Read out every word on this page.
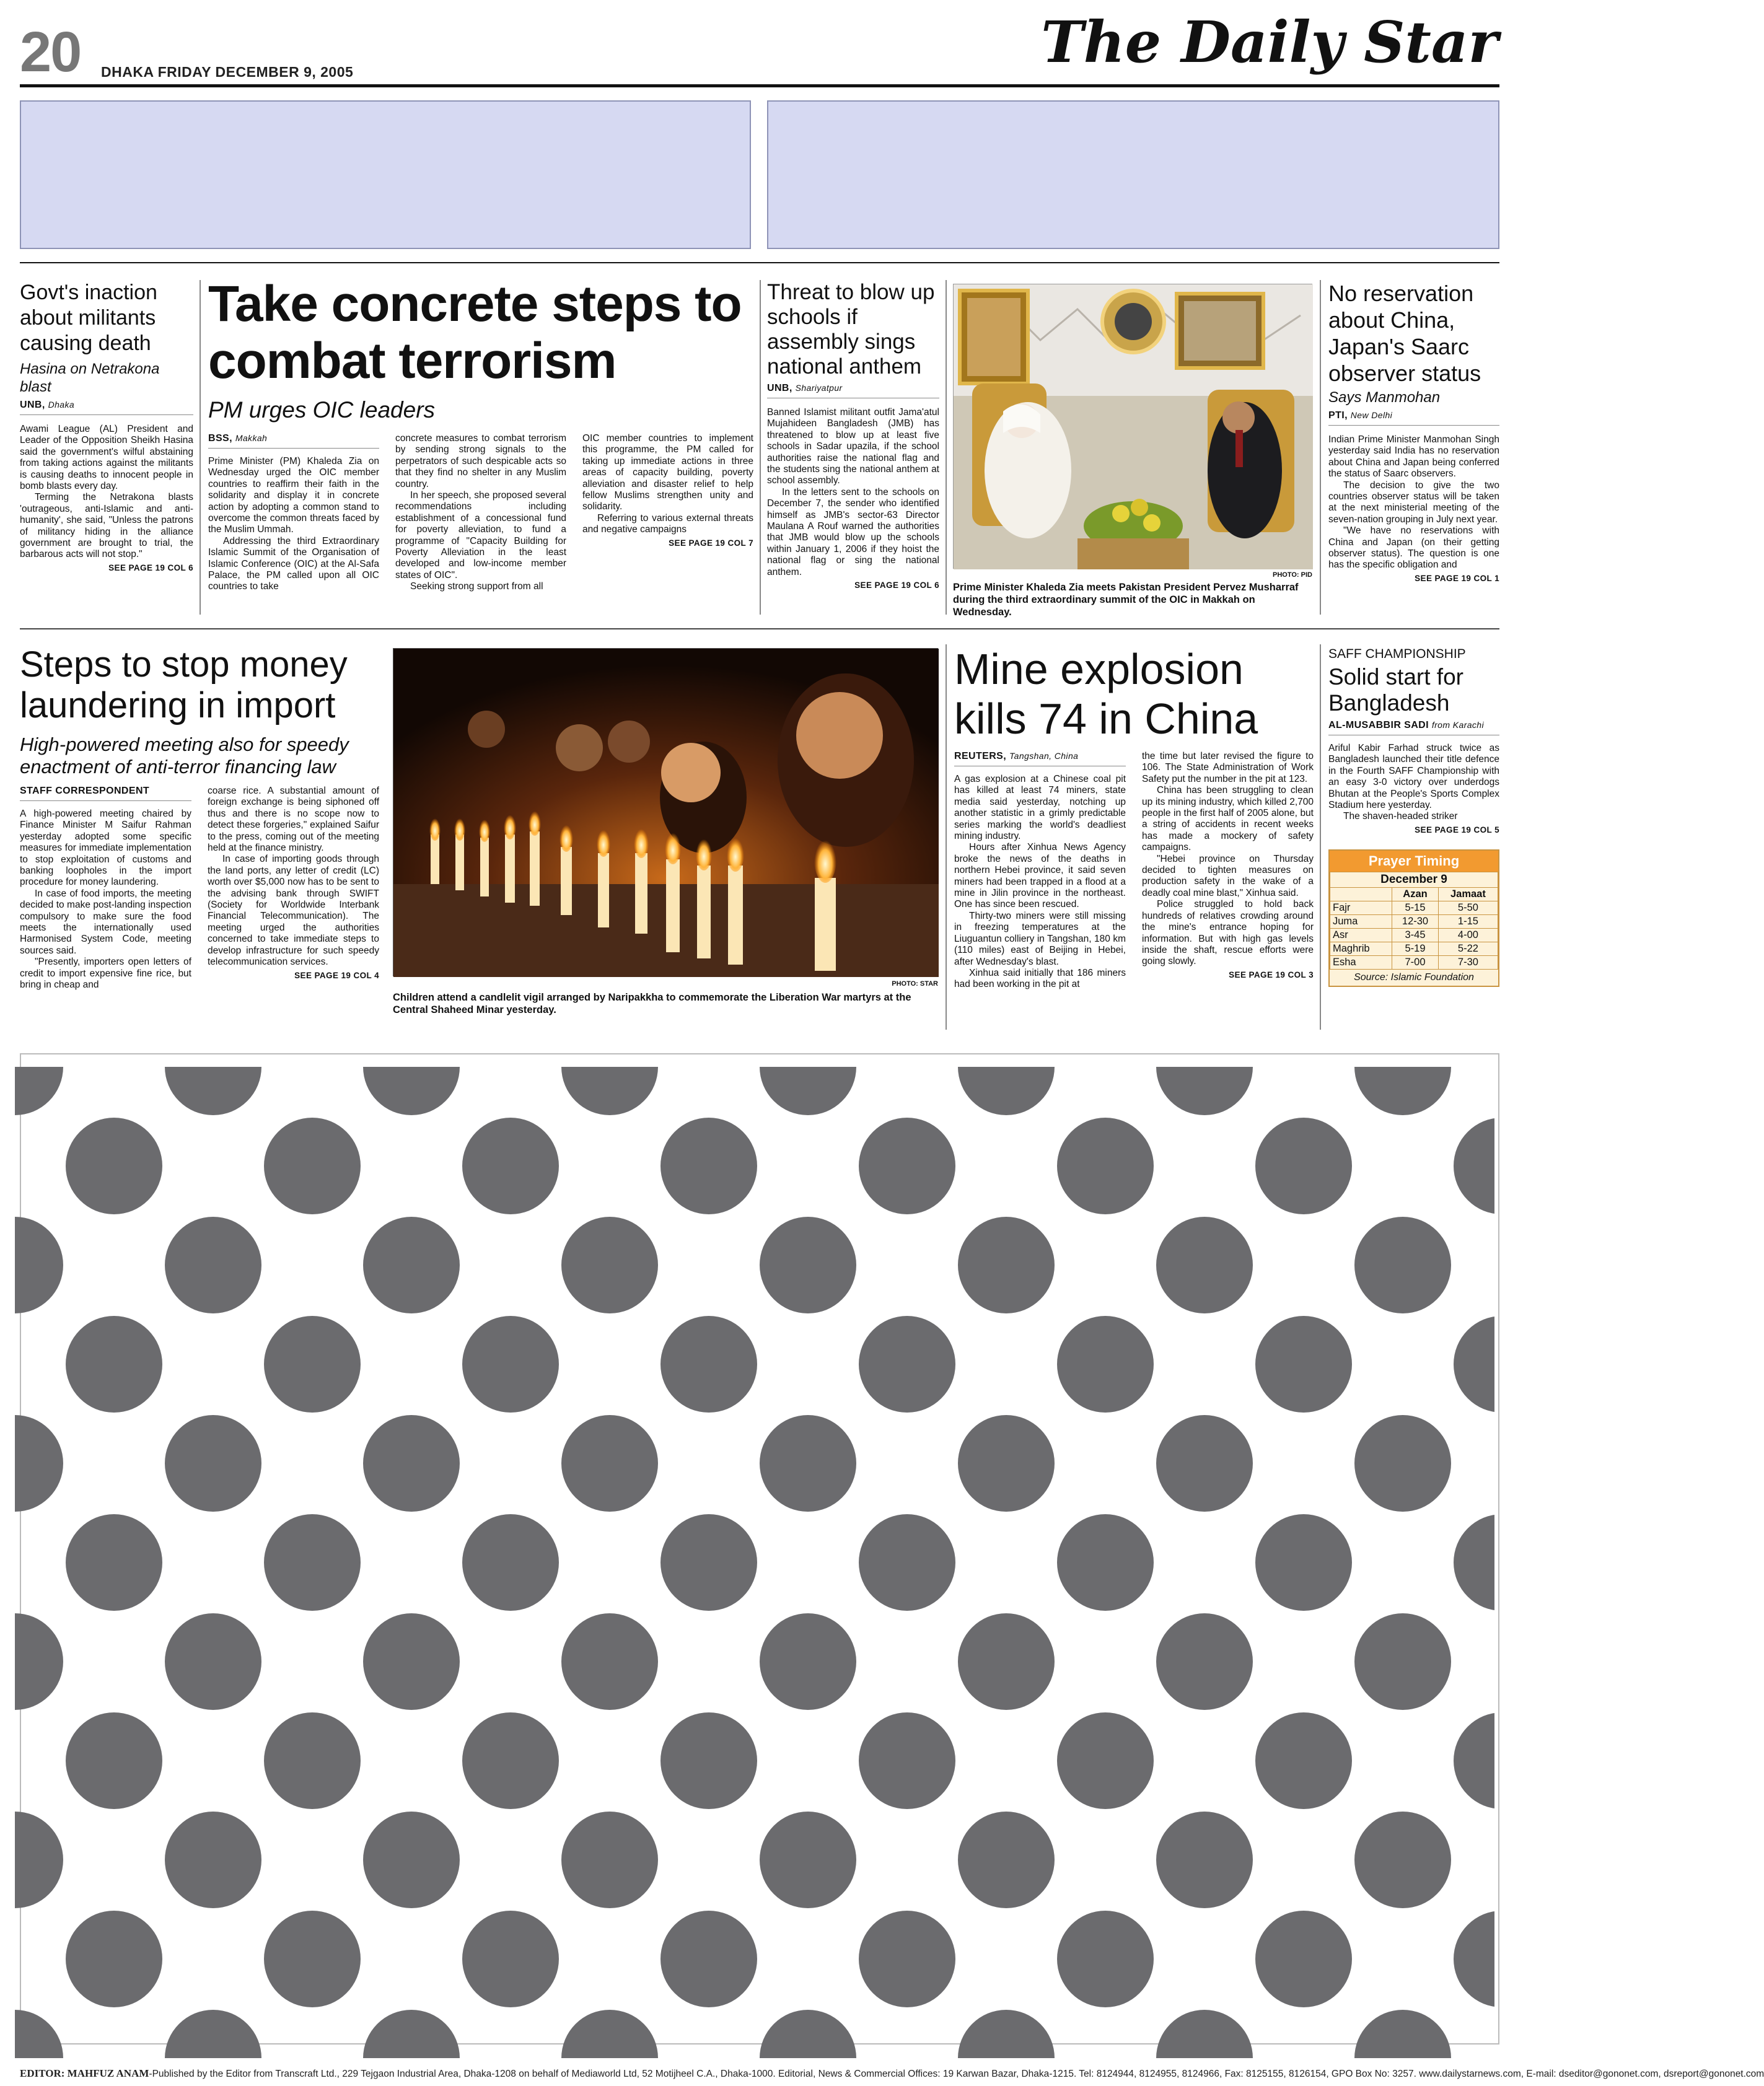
20 DHAKA FRIDAY DECEMBER 9, 2005	The Daily Star
Govt's inaction about militants causing death
Hasina on Netrakona blast
UNB, Dhaka

Awami League (AL) President and Leader of the Opposition Sheikh Hasina said the government's wilful abstaining from taking actions against the militants is causing deaths to innocent people in bomb blasts every day.

Terming the Netrakona blasts 'outrageous, anti-Islamic and anti-humanity', she said, "Unless the patrons of militancy hiding in the alliance government are brought to trial, the barbarous acts will not stop."

SEE PAGE 19 COL 6
Take concrete steps to combat terrorism
PM urges OIC leaders
BSS, Makkah

Prime Minister (PM) Khaleda Zia on Wednesday urged the OIC member countries to reaffirm their faith in the solidarity and display it in concrete action by adopting a common stand to overcome the common threats faced by the Muslim Ummah.

Addressing the third Extraordinary Islamic Summit of the Organisation of Islamic Conference (OIC) at the Al-Safa Palace, the PM called upon all OIC countries to take

concrete measures to combat terrorism by sending strong signals to the perpetrators of such despicable acts so that they find no shelter in any Muslim country.

In her speech, she proposed several recommendations including establishment of a concessional fund for poverty alleviation, to fund a programme of "Capacity Building for Poverty Alleviation in the least developed and low-income member states of OIC".

Seeking strong support from all

OIC member countries to implement this programme, the PM called for taking up immediate actions in three areas of capacity building, poverty alleviation and disaster relief to help fellow Muslims strengthen unity and solidarity.

Referring to various external threats and negative campaigns

SEE PAGE 19 COL 7
Threat to blow up schools if assembly sings national anthem
UNB, Shariyatpur

Banned Islamist militant outfit Jama'atul Mujahideen Bangladesh (JMB) has threatened to blow up at least five schools in Sadar upazila, if the school authorities raise the national flag and the students sing the national anthem at school assembly.

In the letters sent to the schools on December 7, the sender who identified himself as JMB's sector-63 Director Maulana A Rouf warned the authorities that JMB would blow up the schools within January 1, 2006 if they hoist the national flag or sing the national anthem.

SEE PAGE 19 COL 6
PHOTO: PID
Prime Minister Khaleda Zia meets Pakistan President Pervez Musharraf during the third extraordinary summit of the OIC in Makkah on Wednesday.
No reservation about China, Japan's Saarc observer status
Says Manmohan
PTI, New Delhi

Indian Prime Minister Manmohan Singh yesterday said India has no reservation about China and Japan being conferred the status of Saarc observers.

The decision to give the two countries observer status will be taken at the next ministerial meeting of the seven-nation grouping in July next year.

"We have no reservations with China and Japan (on their getting observer status). The question is one has the specific obligation and

SEE PAGE 19 COL 1
Steps to stop money laundering in import
High-powered meeting also for speedy enactment of anti-terror financing law
STAFF CORRESPONDENT

A high-powered meeting chaired by Finance Minister M Saifur Rahman yesterday adopted some specific measures for immediate implementation to stop exploitation of customs and banking loopholes in the import procedure for money laundering.

In case of food imports, the meeting decided to make post-landing inspection compulsory to make sure the food meets the internationally used Harmonised System Code, meeting sources said.

"Presently, importers open letters of credit to import expensive fine rice, but bring in cheap and

coarse rice. A substantial amount of foreign exchange is being siphoned off thus and there is no scope now to detect these forgeries," explained Saifur to the press, coming out of the meeting held at the finance ministry.

In case of importing goods through the land ports, any letter of credit (LC) worth over $5,000 now has to be sent to the advising bank through SWIFT (Society for Worldwide Interbank Financial Telecommunication). The meeting urged the authorities concerned to take immediate steps to develop infrastructure for such speedy telecommunication services.

SEE PAGE 19 COL 4
PHOTO: STAR
Children attend a candlelit vigil arranged by Naripakkha to commemorate the Liberation War martyrs at the Central Shaheed Minar yesterday.
Mine explosion kills 74 in China
REUTERS, Tangshan, China

A gas explosion at a Chinese coal pit has killed at least 74 miners, state media said yesterday, notching up another statistic in a grimly predictable series marking the world's deadliest mining industry.

Hours after Xinhua News Agency broke the news of the deaths in northern Hebei province, it said seven miners had been trapped in a flood at a mine in Jilin province in the northeast. One has since been rescued.

Thirty-two miners were still missing in freezing temperatures at the Liuguantun colliery in Tangshan, 180 km (110 miles) east of Beijing in Hebei, after Wednesday's blast.

Xinhua said initially that 186 miners had been working in the pit at

the time but later revised the figure to 106. The State Administration of Work Safety put the number in the pit at 123.

China has been struggling to clean up its mining industry, which killed 2,700 people in the first half of 2005 alone, but a string of accidents in recent weeks has made a mockery of safety campaigns.

"Hebei province on Thursday decided to tighten measures on production safety in the wake of a deadly coal mine blast," Xinhua said.

Police struggled to hold back hundreds of relatives crowding around the mine's entrance hoping for information. But with high gas levels inside the shaft, rescue efforts were going slowly.

SEE PAGE 19 COL 3
SAFF CHAMPIONSHIP
Solid start for Bangladesh
AL-MUSABBIR SADI from Karachi

Ariful Kabir Farhad struck twice as Bangladesh launched their title defence in the Fourth SAFF Championship with an easy 3-0 victory over underdogs Bhutan at the People's Sports Complex Stadium here yesterday.

The shaven-headed striker

SEE PAGE 19 COL 5
Prayer Timing
December 9		
	Azan	Jamaat
Fajr	5-15	5-50
Juma	12-30	1-15
Asr	3-45	4-00
Maghrib	5-19	5-22
Esha	7-00	7-30
Source: Islamic Foundation
EDITOR: MAHFUZ ANAM-Published by the Editor from Transcraft Ltd., 229 Tejgaon Industrial Area, Dhaka-1208 on behalf of Mediaworld Ltd, 52 Motijheel C.A., Dhaka-1000. Editorial, News & Commercial Offices: 19 Karwan Bazar, Dhaka-1215. Tel: 8124944, 8124955, 8124966, Fax: 8125155, 8126154, GPO Box No: 3257. www.dailystarnews.com, E-mail: dseditor@gononet.com, dsreport@gononet.com
